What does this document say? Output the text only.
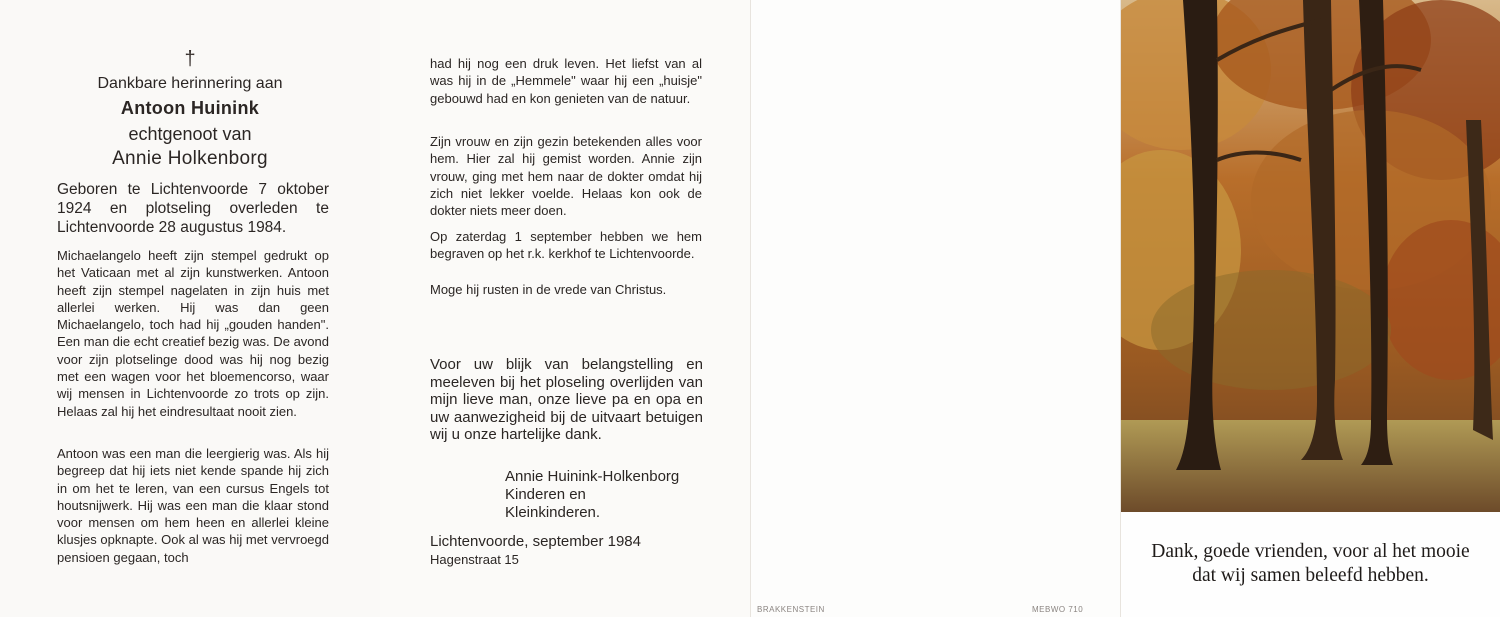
†
Dankbare herinnering aan
Antoon Huinink
echtgenoot van
Annie Holkenborg
Geboren te Lichtenvoorde 7 oktober 1924 en plotseling overleden te Lichtenvoorde 28 augustus 1984.
Michaelangelo heeft zijn stempel gedrukt op het Vaticaan met al zijn kunstwerken. Antoon heeft zijn stempel nagelaten in zijn huis met allerlei werken. Hij was dan geen Michaelangelo, toch had hij „gouden handen". Een man die echt creatief bezig was. De avond voor zijn plotselinge dood was hij nog bezig met een wagen voor het bloemencorso, waar wij mensen in Lichtenvoorde zo trots op zijn. Helaas zal hij het eindresultaat nooit zien.
Antoon was een man die leergierig was. Als hij begreep dat hij iets niet kende spande hij zich in om het te leren, van een cursus Engels tot houtsnijwerk. Hij was een man die klaar stond voor mensen om hem heen en allerlei kleine klusjes opknapte. Ook al was hij met vervroegd pensioen gegaan, toch
had hij nog een druk leven. Het liefst van al was hij in de „Hemmele" waar hij een „huisje" gebouwd had en kon genieten van de natuur.
Zijn vrouw en zijn gezin betekenden alles voor hem. Hier zal hij gemist worden. Annie zijn vrouw, ging met hem naar de dokter omdat hij zich niet lekker voelde. Helaas kon ook de dokter niets meer doen.
Op zaterdag 1 september hebben we hem begraven op het r.k. kerkhof te Lichtenvoorde.
Moge hij rusten in de vrede van Christus.
Voor uw blijk van belangstelling en meeleven bij het ploseling overlijden van mijn lieve man, onze lieve pa en opa en uw aanwezigheid bij de uitvaart betuigen wij u onze hartelijke dank.
Annie Huinink-Holkenborg
Kinderen en
Kleinkinderen.
Lichtenvoorde, september 1984
Hagenstraat 15
BRAKKENSTEIN	MEBWO 710
Dank, goede vrienden, voor al het mooie
dat wij samen beleefd hebben.
